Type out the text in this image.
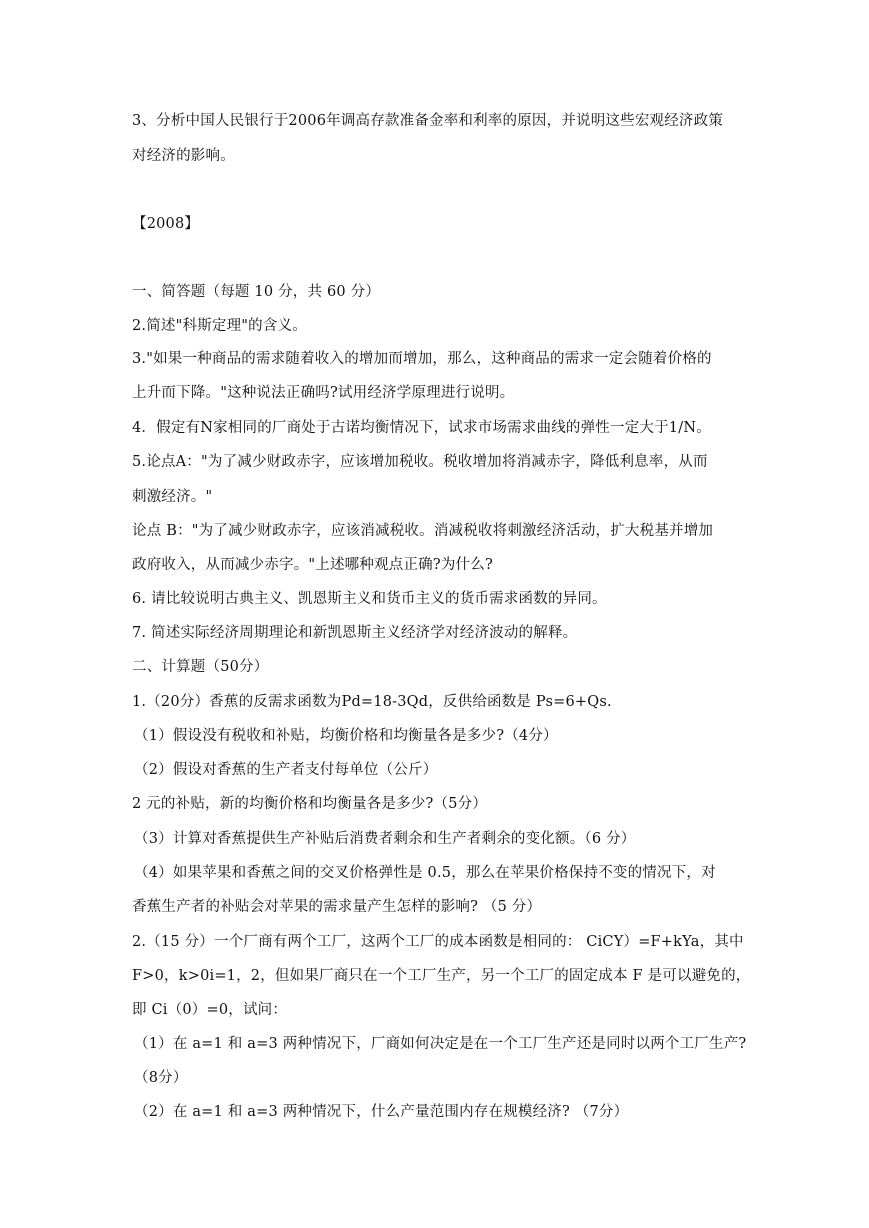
3、分析中国人民银行于2006年调高存款准备金率和利率的原因，并说明这些宏观经济政策
对经济的影响。
【2008】
一、简答题（每题 10 分，共 60 分）
2.简述"科斯定理"的含义。
3."如果一种商品的需求随着收入的增加而增加，那么，这种商品的需求一定会随着价格的
上升而下降。"这种说法正确吗?试用经济学原理进行说明。
4．假定有N家相同的厂商处于古诺均衡情况下，试求市场需求曲线的弹性一定大于1/N。
5.论点A："为了减少财政赤字，应该增加税收。税收增加将消减赤字，降低利息率，从而
刺激经济。"
论点 B："为了减少财政赤字，应该消减税收。消减税收将刺激经济活动，扩大税基并增加
政府收入，从而减少赤字。"上述哪种观点正确?为什么?
6. 请比较说明古典主义、凯恩斯主义和货币主义的货币需求函数的异同。
7. 简述实际经济周期理论和新凯恩斯主义经济学对经济波动的解释。
二、计算题（50分）
1.（20分）香蕉的反需求函数为Pd=18-3Qd，反供给函数是 Ps=6+Qs.
（1）假设没有税收和补贴，均衡价格和均衡量各是多少?（4分）
（2）假设对香蕉的生产者支付每单位（公斤）
2 元的补贴，新的均衡价格和均衡量各是多少?（5分）
（3）计算对香蕉提供生产补贴后消费者剩余和生产者剩余的变化额。（6 分）
（4）如果苹果和香蕉之间的交叉价格弹性是 0.5，那么在苹果价格保持不变的情况下，对
香蕉生产者的补贴会对苹果的需求量产生怎样的影响? （5 分）
2.（15 分）一个厂商有两个工厂，这两个工厂的成本函数是相同的： CiCY）=F+kYa，其中
F>0，k>0i=1，2，但如果厂商只在一个工厂生产，另一个工厂的固定成本 F 是可以避免的，
即 Ci（0）=0，试问：
（1）在 a=1 和 a=3 两种情况下，厂商如何决定是在一个工厂生产还是同时以两个工厂生产?
（8分）
（2）在 a=1 和 a=3 两种情况下，什么产量范围内存在规模经济? （7分）
